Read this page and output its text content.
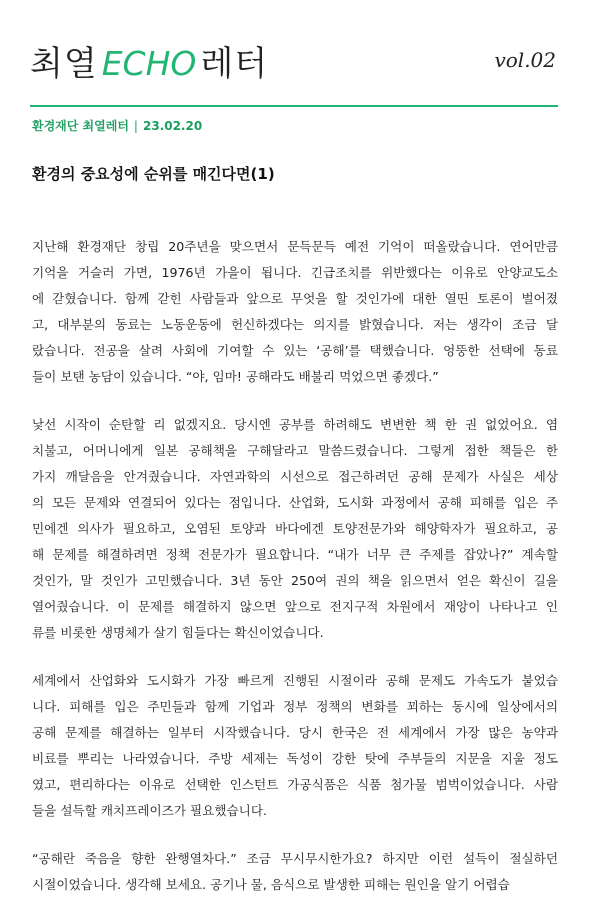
최열 ECHO 레터	vol.02
환경재단 최열레터 | 23.02.20
환경의 중요성에 순위를 매긴다면(1)
지난해 환경재단 창립 20주년을 맞으면서 문득문득 예전 기억이 떠올랐습니다. 연어만큼
기억을 거슬러 가면, 1976년 가을이 됩니다. 긴급조치를 위반했다는 이유로 안양교도소
에 갇혔습니다. 함께 갇힌 사람들과 앞으로 무엇을 할 것인가에 대한 열띤 토론이 벌어졌
고, 대부분의 동료는 노동운동에 헌신하겠다는 의지를 밝혔습니다. 저는 생각이 조금 달
랐습니다. 전공을 살려 사회에 기여할 수 있는 ‘공해’를 택했습니다. 엉뚱한 선택에 동료
들이 보탠 농담이 있습니다. “야, 임마! 공해라도 배불리 먹었으면 좋겠다.”
낯선 시작이 순탄할 리 없겠지요. 당시엔 공부를 하려해도 변변한 책 한 권 없었어요. 염
치불고, 어머니에게 일본 공해책을 구해달라고 말씀드렸습니다. 그렇게 접한 책들은 한
가지 깨달음을 안겨줬습니다. 자연과학의 시선으로 접근하려던 공해 문제가 사실은 세상
의 모든 문제와 연결되어 있다는 점입니다. 산업화, 도시화 과정에서 공해 피해를 입은 주
민에겐 의사가 필요하고, 오염된 토양과 바다에겐 토양전문가와 해양학자가 필요하고, 공
해 문제를 해결하려면 정책 전문가가 필요합니다. “내가 너무 큰 주제를 잡았나?” 계속할
것인가, 말 것인가 고민했습니다. 3년 동안 250여 권의 책을 읽으면서 얻은 확신이 길을
열어줬습니다. 이 문제를 해결하지 않으면 앞으로 전지구적 차원에서 재앙이 나타나고 인
류를 비롯한 생명체가 살기 힘들다는 확신이었습니다.
세계에서 산업화와 도시화가 가장 빠르게 진행된 시절이라 공해 문제도 가속도가 붙었습
니다. 피해를 입은 주민들과 함께 기업과 정부 정책의 변화를 꾀하는 동시에 일상에서의
공해 문제를 해결하는 일부터 시작했습니다. 당시 한국은 전 세계에서 가장 많은 농약과
비료를 뿌리는 나라였습니다. 주방 세제는 독성이 강한 탓에 주부들의 지문을 지울 정도
였고, 편리하다는 이유로 선택한 인스턴트 가공식품은 식품 첨가물 범벅이었습니다. 사람
들을 설득할 캐치프레이즈가 필요했습니다.
“공해란 죽음을 향한 완행열차다.” 조금 무시무시한가요? 하지만 이런 설득이 절실하던
시절이었습니다. 생각해 보세요. 공기나 물, 음식으로 발생한 피해는 원인을 알기 어렵습
